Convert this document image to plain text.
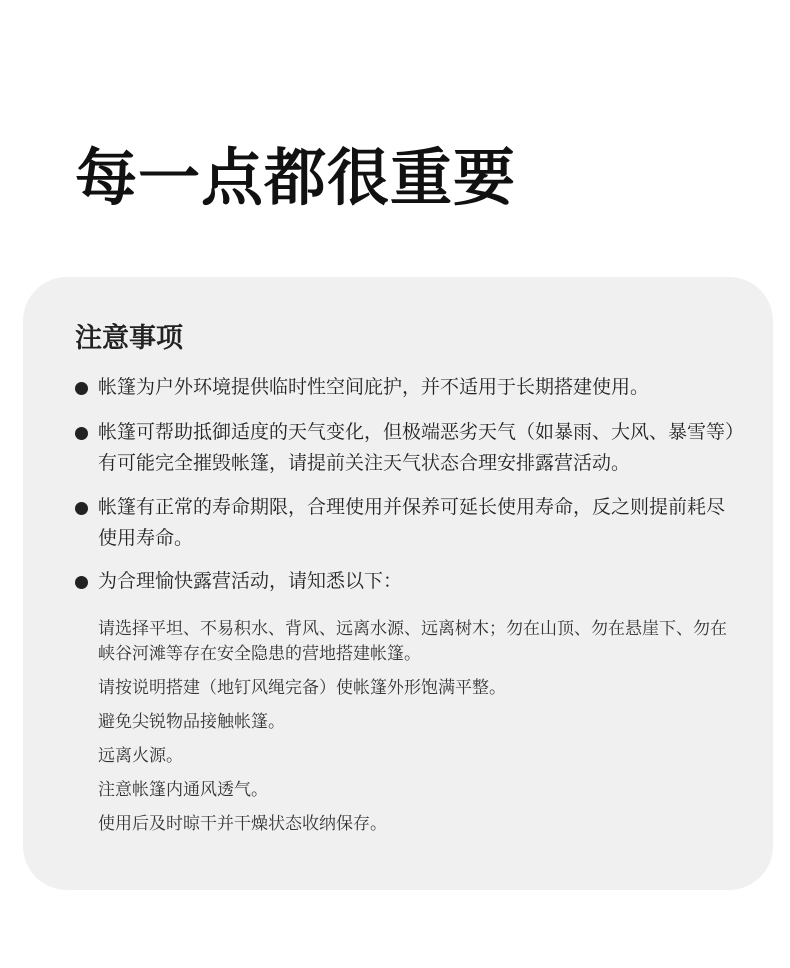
每一点都很重要
注意事项
帐篷为户外环境提供临时性空间庇护，并不适用于长期搭建使用。
帐篷可帮助抵御适度的天气变化，但极端恶劣天气（如暴雨、大风、暴雪等）有可能完全摧毁帐篷，请提前关注天气状态合理安排露营活动。
帐篷有正常的寿命期限，合理使用并保养可延长使用寿命，反之则提前耗尽使用寿命。
为合理愉快露营活动，请知悉以下：
请选择平坦、不易积水、背风、远离水源、远离树木；勿在山顶、勿在悬崖下、勿在峡谷河滩等存在安全隐患的营地搭建帐篷。
请按说明搭建（地钉风绳完备）使帐篷外形饱满平整。
避免尖锐物品接触帐篷。
远离火源。
注意帐篷内通风透气。
使用后及时晾干并干燥状态收纳保存。
